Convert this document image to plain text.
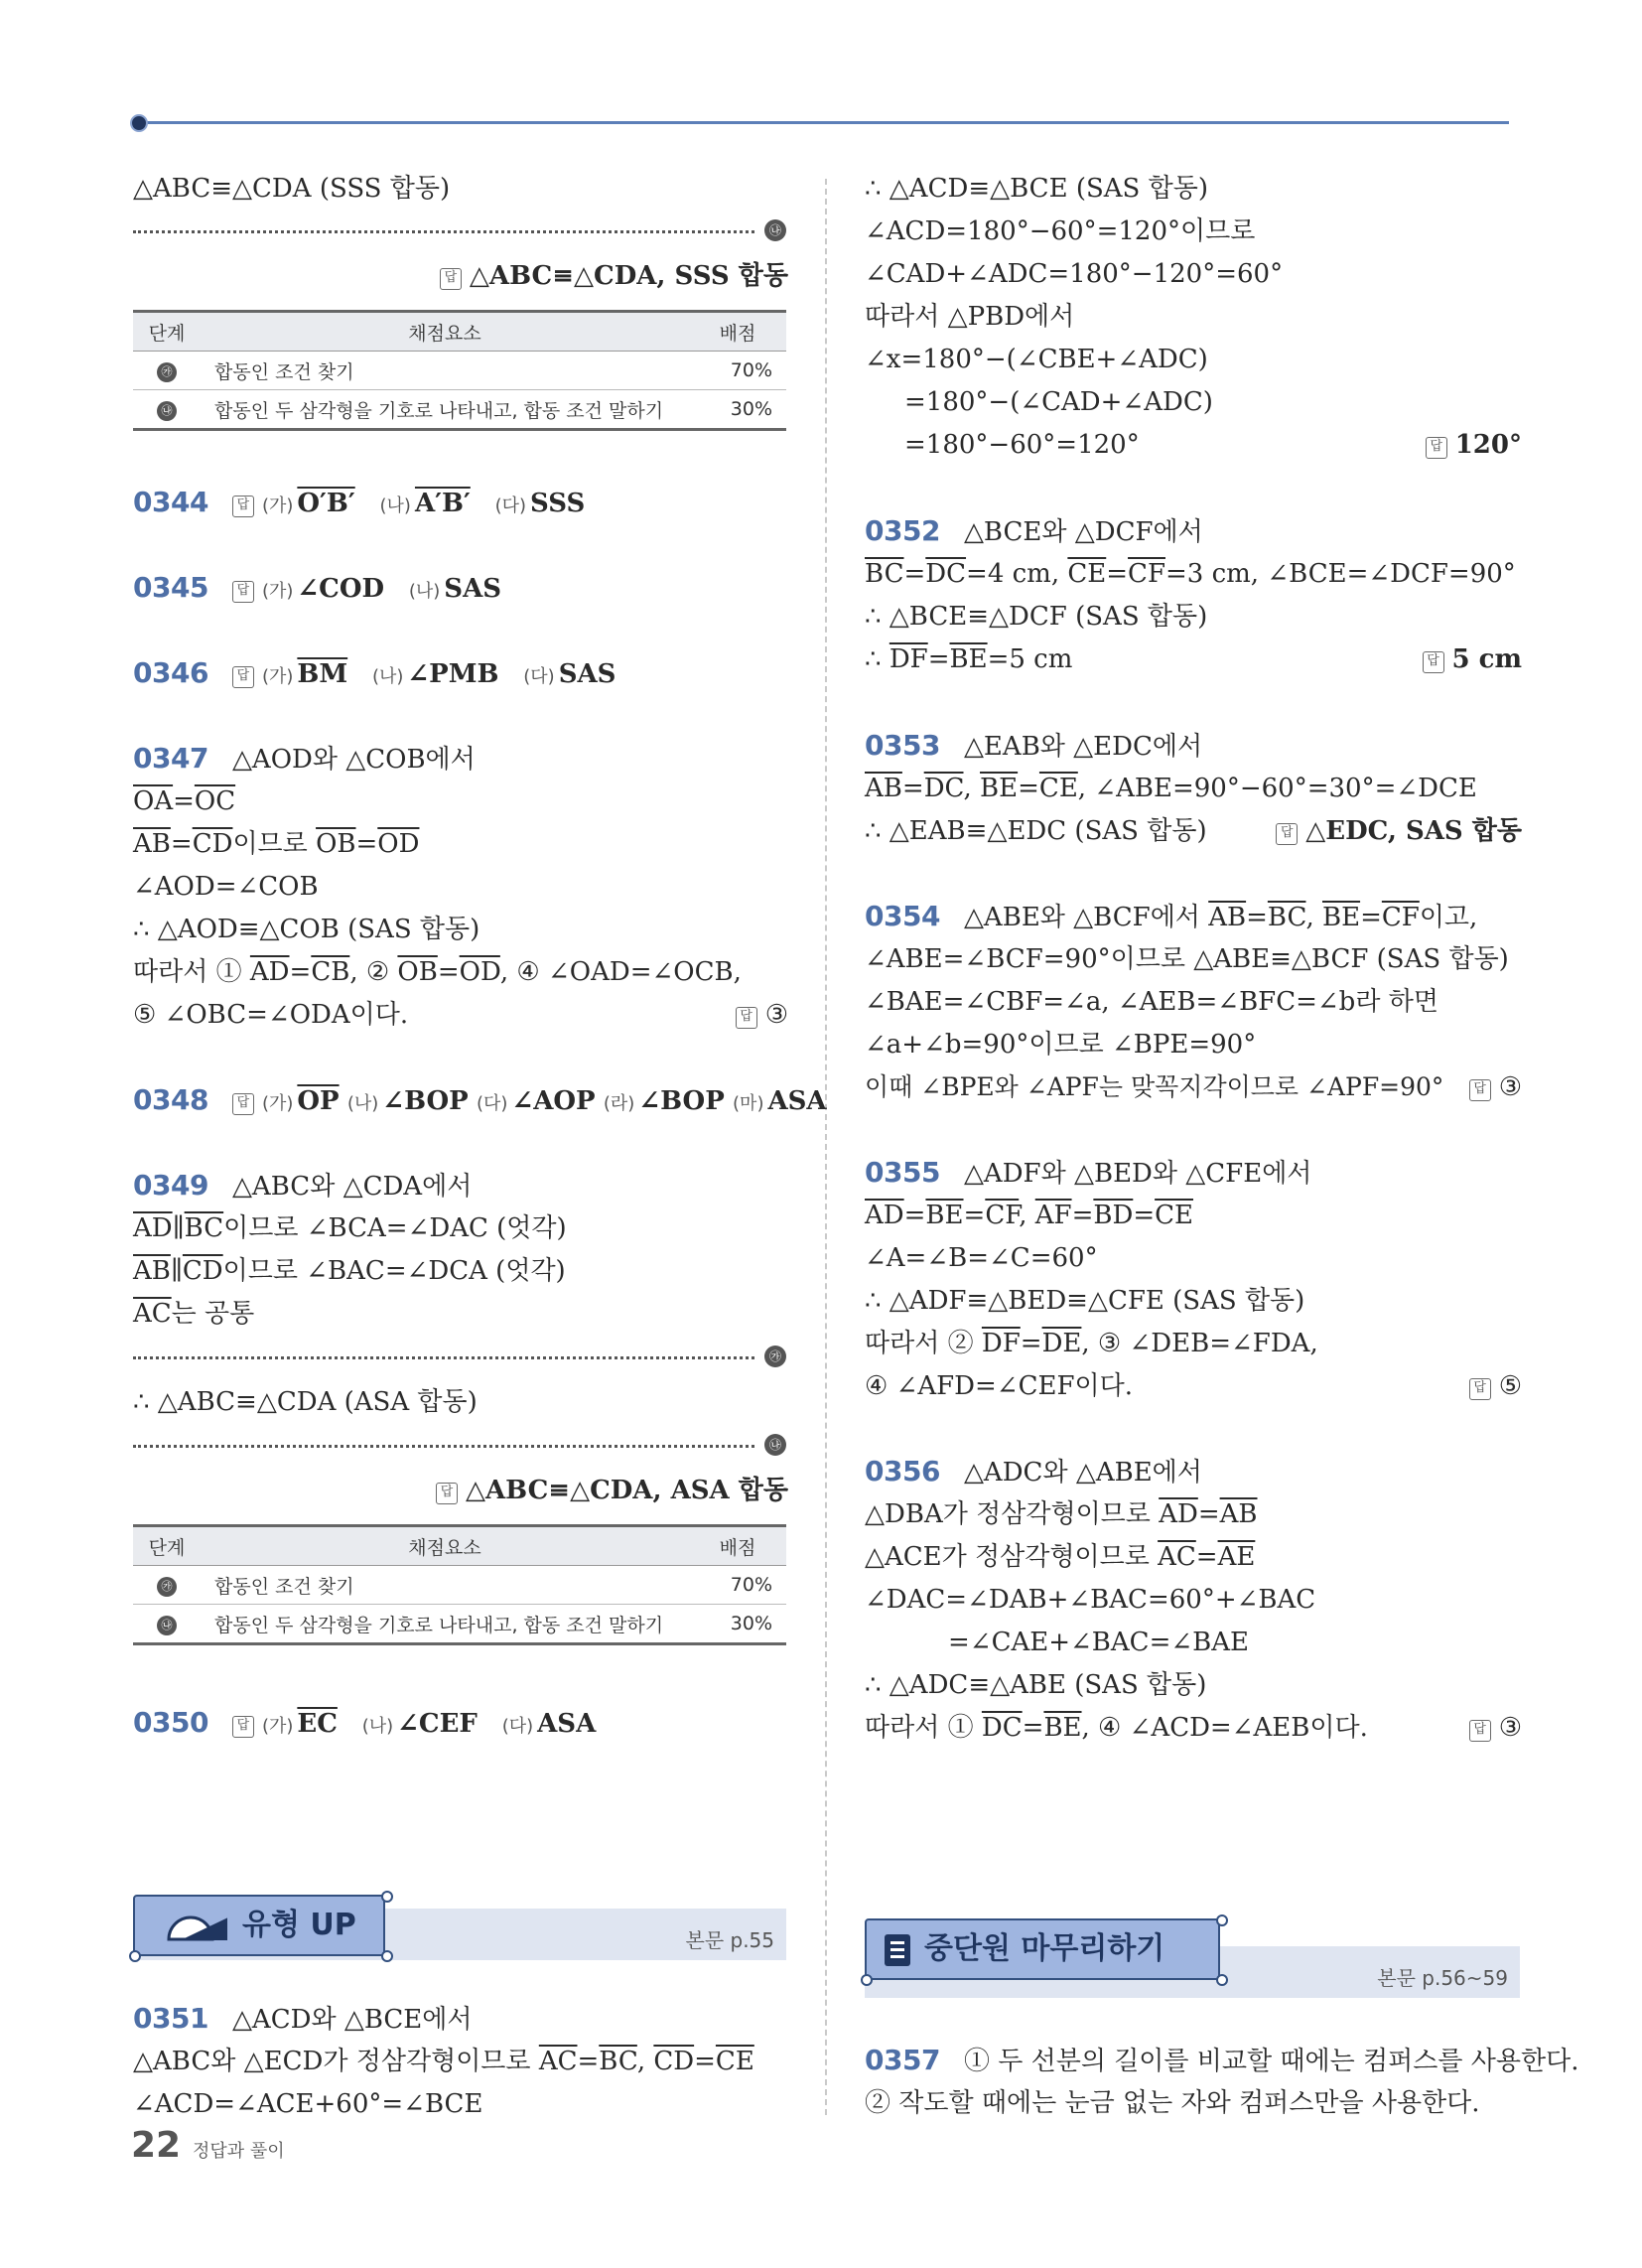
△ABC≡△CDA (SSS 합동)
㉯
답 △ABC≡△CDA, SSS 합동
단계	채점요소	배점
㉮	합동인 조건 찾기	70%
㉯	합동인 두 삼각형을 기호로 나타내고, 합동 조건 말하기	30%
0344 답 (가) O′B′ (나) A′B′ (다) SSS
0345 답 (가) ∠COD (나) SAS
0346 답 (가) $\overline{BM}$ (나) ∠PMB (다) SAS
0347 △AOD와 △COB에서
$\overline{OA}=\overline{OC}$
$\overline{AB}=\overline{CD}$이므로 $\overline{OB}=\overline{OD}$
∠AOD=∠COB
∴ △AOD≡△COB (SAS 합동)
따라서 ① $\overline{AD}=\overline{CB}$, ② $\overline{OB}=\overline{OD}$, ④ ∠OAD=∠OCB,
⑤ ∠OBC=∠ODA이다.	답 ③
0348 답 (가) $\overline{OP}$ (나) ∠BOP (다) ∠AOP (라) ∠BOP (마) ASA
0349 △ABC와 △CDA에서
$\overline{AD}\parallel\overline{BC}$이므로 ∠BCA=∠DAC (엇각)
$\overline{AB}\parallel\overline{CD}$이므로 ∠BAC=∠DCA (엇각)
$\overline{AC}$는 공통
㉮
∴ △ABC≡△CDA (ASA 합동)
㉯
답 △ABC≡△CDA, ASA 합동
단계	채점요소	배점
㉮	합동인 조건 찾기	70%
㉯	합동인 두 삼각형을 기호로 나타내고, 합동 조건 말하기	30%
0350 답 (가) $\overline{EC}$ (나) ∠CEF (다) ASA
유형 UP	본문 p.55
0351 △ACD와 △BCE에서
△ABC와 △ECD가 정삼각형이므로 $\overline{AC}=\overline{BC}$, $\overline{CD}=\overline{CE}$
∠ACD=∠ACE+60°=∠BCE
∴ △ACD≡△BCE (SAS 합동)
∠ACD=180°−60°=120°이므로
∠CAD+∠ADC=180°−120°=60°
따라서 △PBD에서
∠x=180°−(∠CBE+∠ADC)
=180°−(∠CAD+∠ADC)
=180°−60°=120°	답 120°
0352 △BCE와 △DCF에서
$\overline{BC}=\overline{DC}=4$ cm, $\overline{CE}=\overline{CF}=3$ cm, ∠BCE=∠DCF=90°
∴ △BCE≡△DCF (SAS 합동)
∴ $\overline{DF}=\overline{BE}=5$ cm	답 5 cm
0353 △EAB와 △EDC에서
$\overline{AB}=\overline{DC}$, $\overline{BE}=\overline{CE}$, ∠ABE=90°−60°=30°=∠DCE
∴ △EAB≡△EDC (SAS 합동)	답 △EDC, SAS 합동
0354 △ABE와 △BCF에서 $\overline{AB}=\overline{BC}$, $\overline{BE}=\overline{CF}$이고,
∠ABE=∠BCF=90°이므로 △ABE≡△BCF (SAS 합동)
∠BAE=∠CBF=∠a, ∠AEB=∠BFC=∠b라 하면
∠a+∠b=90°이므로 ∠BPE=90°
이때 ∠BPE와 ∠APF는 맞꼭지각이므로 ∠APF=90°	답 ③
0355 △ADF와 △BED와 △CFE에서
$\overline{AD}=\overline{BE}=\overline{CF}$, $\overline{AF}=\overline{BD}=\overline{CE}$
∠A=∠B=∠C=60°
∴ △ADF≡△BED≡△CFE (SAS 합동)
따라서 ② $\overline{DF}=\overline{DE}$, ③ ∠DEB=∠FDA,
④ ∠AFD=∠CEF이다.	답 ⑤
0356 △ADC와 △ABE에서
△DBA가 정삼각형이므로 $\overline{AD}=\overline{AB}$
△ACE가 정삼각형이므로 $\overline{AC}=\overline{AE}$
∠DAC=∠DAB+∠BAC=60°+∠BAC
=∠CAE+∠BAC=∠BAE
∴ △ADC≡△ABE (SAS 합동)
따라서 ① $\overline{DC}=\overline{BE}$, ④ ∠ACD=∠AEB이다.	답 ③
중단원 마무리하기
본문 p.56~59
0357 ① 두 선분의 길이를 비교할 때에는 컴퍼스를 사용한다.
② 작도할 때에는 눈금 없는 자와 컴퍼스만을 사용한다.
22 정답과 풀이
